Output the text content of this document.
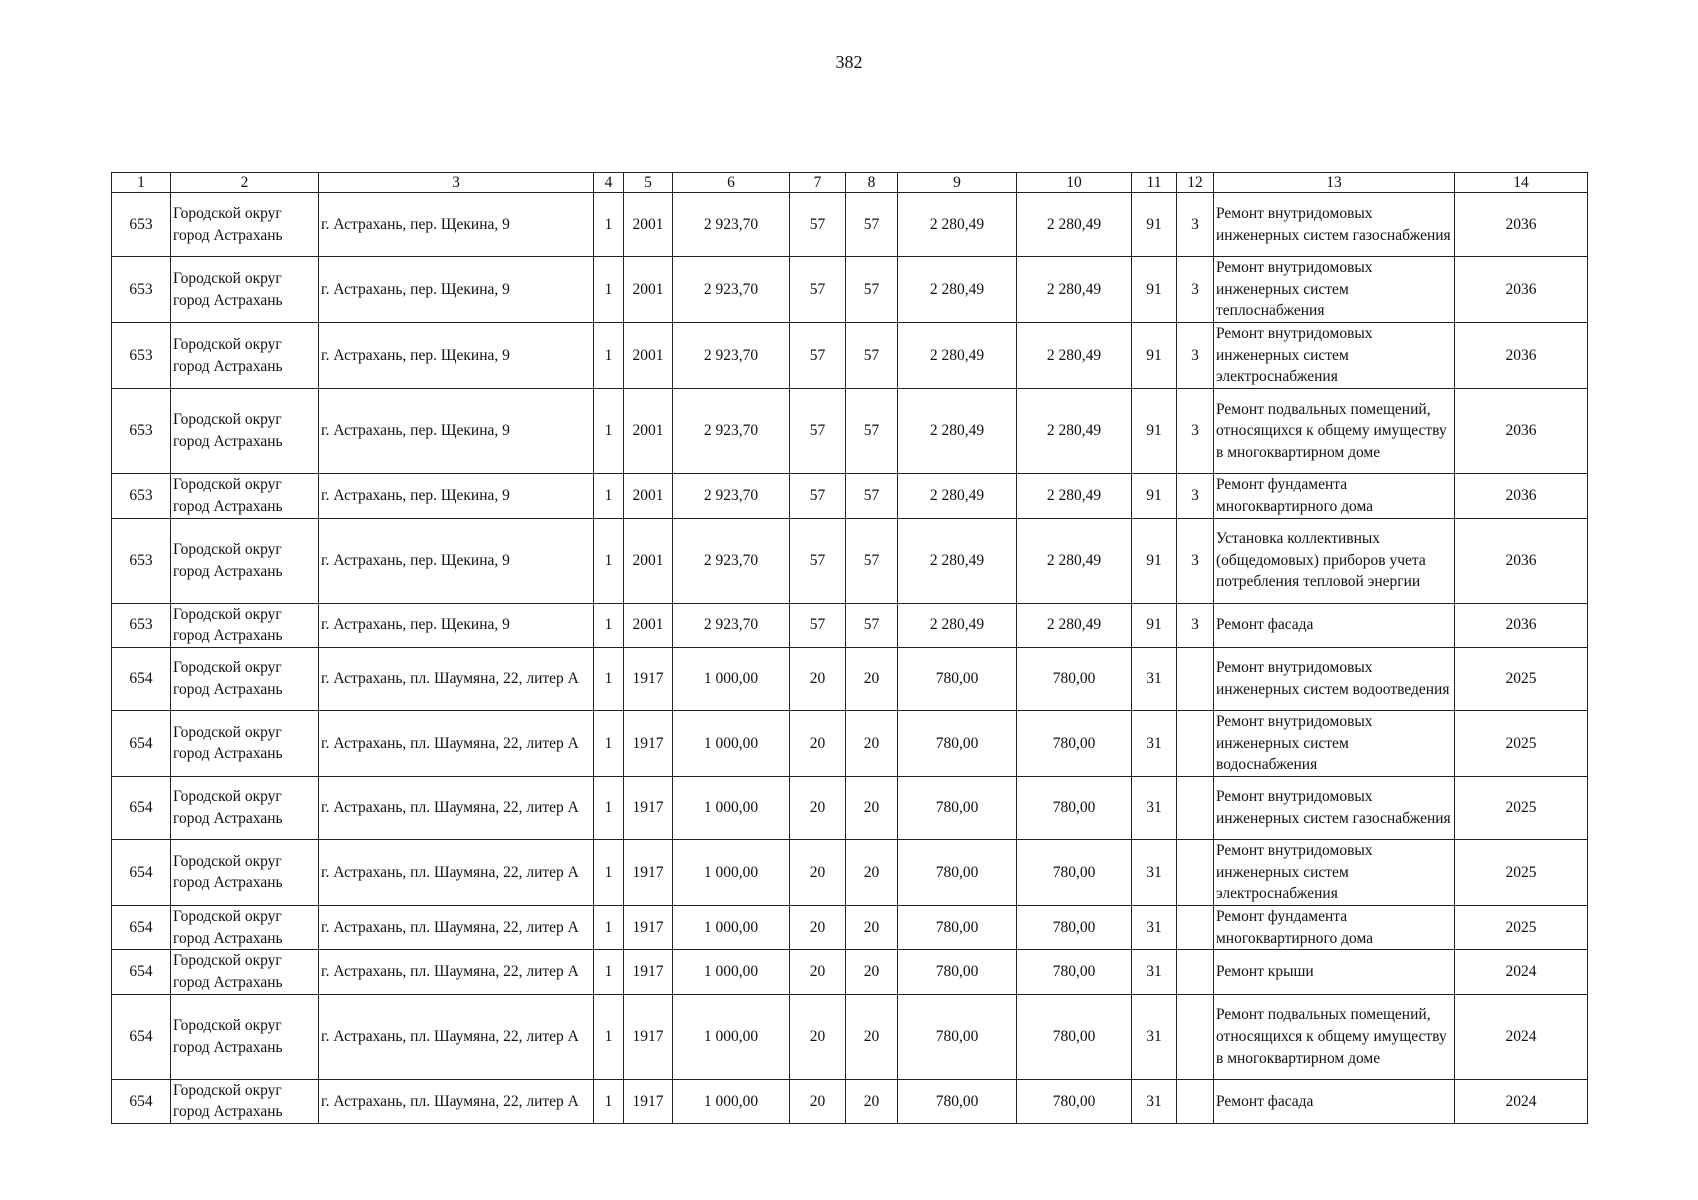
382
1	2	3	4	5	6	7	8	9	10	11	12	13	14
653	Городской округ город Астрахань	г. Астрахань, пер. Щекина, 9	1	2001	2 923,70	57	57	2 280,49	2 280,49	91	3	Ремонт внутридомовых инженерных систем газоснабжения	2036
653	Городской округ город Астрахань	г. Астрахань, пер. Щекина, 9	1	2001	2 923,70	57	57	2 280,49	2 280,49	91	3	Ремонт внутридомовых инженерных систем теплоснабжения	2036
653	Городской округ город Астрахань	г. Астрахань, пер. Щекина, 9	1	2001	2 923,70	57	57	2 280,49	2 280,49	91	3	Ремонт внутридомовых инженерных систем электроснабжения	2036
653	Городской округ город Астрахань	г. Астрахань, пер. Щекина, 9	1	2001	2 923,70	57	57	2 280,49	2 280,49	91	3	Ремонт подвальных помещений, относящихся к общему имуществу в многоквартирном доме	2036
653	Городской округ город Астрахань	г. Астрахань, пер. Щекина, 9	1	2001	2 923,70	57	57	2 280,49	2 280,49	91	3	Ремонт фундамента многоквартирного дома	2036
653	Городской округ город Астрахань	г. Астрахань, пер. Щекина, 9	1	2001	2 923,70	57	57	2 280,49	2 280,49	91	3	Установка коллективных (общедомовых) приборов учета потребления тепловой энергии	2036
653	Городской округ город Астрахань	г. Астрахань, пер. Щекина, 9	1	2001	2 923,70	57	57	2 280,49	2 280,49	91	3	Ремонт фасада	2036
654	Городской округ город Астрахань	г. Астрахань, пл. Шаумяна, 22, литер А	1	1917	1 000,00	20	20	780,00	780,00	31		Ремонт внутридомовых инженерных систем водоотведения	2025
654	Городской округ город Астрахань	г. Астрахань, пл. Шаумяна, 22, литер А	1	1917	1 000,00	20	20	780,00	780,00	31		Ремонт внутридомовых инженерных систем водоснабжения	2025
654	Городской округ город Астрахань	г. Астрахань, пл. Шаумяна, 22, литер А	1	1917	1 000,00	20	20	780,00	780,00	31		Ремонт внутридомовых инженерных систем газоснабжения	2025
654	Городской округ город Астрахань	г. Астрахань, пл. Шаумяна, 22, литер А	1	1917	1 000,00	20	20	780,00	780,00	31		Ремонт внутридомовых инженерных систем электроснабжения	2025
654	Городской округ город Астрахань	г. Астрахань, пл. Шаумяна, 22, литер А	1	1917	1 000,00	20	20	780,00	780,00	31		Ремонт фундамента многоквартирного дома	2025
654	Городской округ город Астрахань	г. Астрахань, пл. Шаумяна, 22, литер А	1	1917	1 000,00	20	20	780,00	780,00	31		Ремонт крыши	2024
654	Городской округ город Астрахань	г. Астрахань, пл. Шаумяна, 22, литер А	1	1917	1 000,00	20	20	780,00	780,00	31		Ремонт подвальных помещений, относящихся к общему имуществу в многоквартирном доме	2024
654	Городской округ город Астрахань	г. Астрахань, пл. Шаумяна, 22, литер А	1	1917	1 000,00	20	20	780,00	780,00	31		Ремонт фасада	2024
